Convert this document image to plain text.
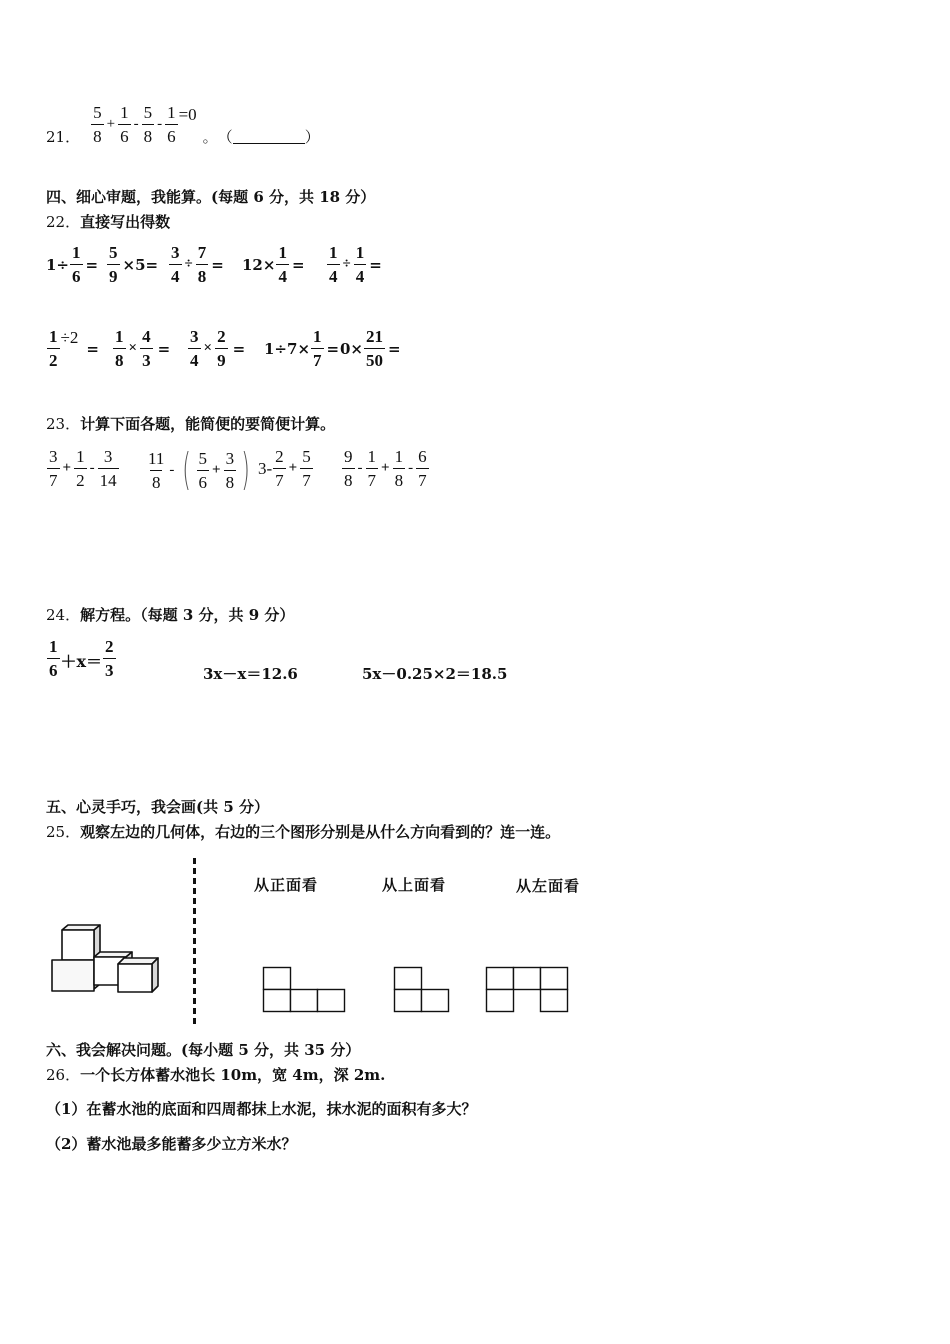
21． $\frac{5}{8} + \frac{1}{6} - \frac{5}{8} - \frac{1}{6} =0$
。 （	）
四、细心审题，我能算。(每题 6 分，共 18 分）
22．直接写出得数
$1\div \frac{1}{6} = \frac{5}{9} \times 5= \frac{3}{4} \div \frac{7}{8} = 12\times \frac{1}{4} = \frac{1}{4} \div \frac{1}{4}$ =
$\frac{1}{2} \div 2$
= $\frac{1}{8} \times \frac{4}{3} = \frac{3}{4} \times \frac{2}{9} = 1\div 7\times \frac{1}{7} = 0\times \frac{21}{50}$ =
23．计算下面各题，能简便的要简便计算。
$\frac{3}{7} + \frac{1}{2} - \frac{3}{14} \frac{11}{8}$ - ( $\frac{5}{6} + \frac{3}{8}$ ) $3- \frac{2}{7} + \frac{5}{7} \frac{9}{8} - \frac{1}{7} + \frac{1}{8} - \frac{6}{7}$
24．解方程。（每题 3 分，共 9 分）
$\frac{1}{6} +x= \frac{2}{3}$	3x－x＝12.6	5x－0.25×2＝18.5
五、心灵手巧，我会画(共 5 分）
25．观察左边的几何体，右边的三个图形分别是从什么方向看到的？连一连。
从正面看	从上面看	从左面看
六、我会解决问题。(每小题 5 分，共 35 分）
26．一个长方体蓄水池长 10m，宽 4m，深 2m.
（1）在蓄水池的底面和四周都抹上水泥，抹水泥的面积有多大？
（2）蓄水池最多能蓄多少立方米水？
